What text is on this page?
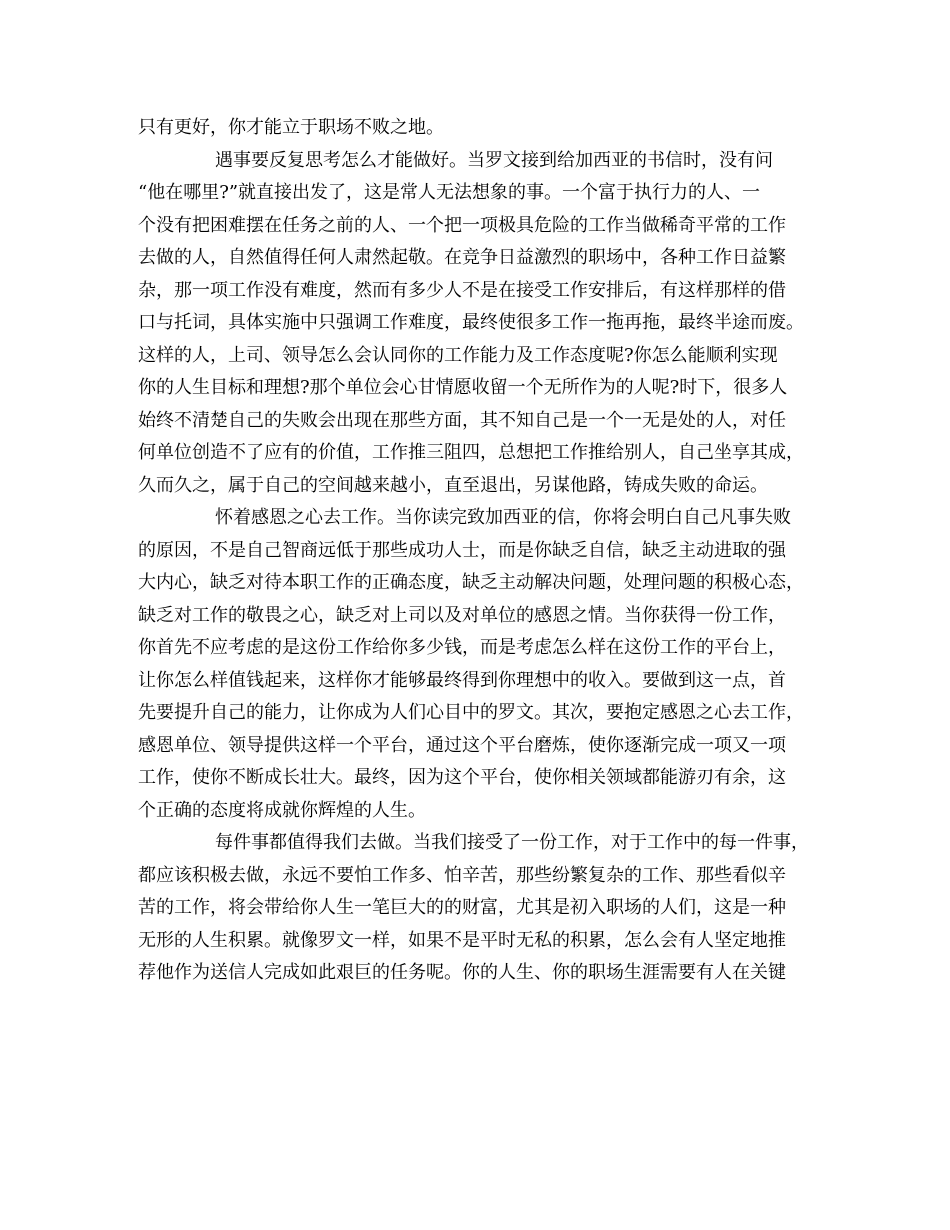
只有更好，你才能立于职场不败之地。
遇事要反复思考怎么才能做好。当罗文接到给加西亚的书信时，没有问
“他在哪里?”就直接出发了，这是常人无法想象的事。一个富于执行力的人、一
个没有把困难摆在任务之前的人、一个把一项极具危险的工作当做稀奇平常的工作
去做的人，自然值得任何人肃然起敬。在竞争日益激烈的职场中，各种工作日益繁
杂，那一项工作没有难度，然而有多少人不是在接受工作安排后，有这样那样的借
口与托词，具体实施中只强调工作难度，最终使很多工作一拖再拖，最终半途而废。
这样的人，上司、领导怎么会认同你的工作能力及工作态度呢?你怎么能顺利实现
你的人生目标和理想?那个单位会心甘情愿收留一个无所作为的人呢?时下，很多人
始终不清楚自己的失败会出现在那些方面，其不知自己是一个一无是处的人，对任
何单位创造不了应有的价值，工作推三阻四，总想把工作推给别人，自己坐享其成，
久而久之，属于自己的空间越来越小，直至退出，另谋他路，铸成失败的命运。
怀着感恩之心去工作。当你读完致加西亚的信，你将会明白自己凡事失败
的原因，不是自己智商远低于那些成功人士，而是你缺乏自信，缺乏主动进取的强
大内心，缺乏对待本职工作的正确态度，缺乏主动解决问题，处理问题的积极心态，
缺乏对工作的敬畏之心，缺乏对上司以及对单位的感恩之情。当你获得一份工作，
你首先不应考虑的是这份工作给你多少钱，而是考虑怎么样在这份工作的平台上，
让你怎么样值钱起来，这样你才能够最终得到你理想中的收入。要做到这一点，首
先要提升自己的能力，让你成为人们心目中的罗文。其次，要抱定感恩之心去工作，
感恩单位、领导提供这样一个平台，通过这个平台磨炼，使你逐渐完成一项又一项
工作，使你不断成长壮大。最终，因为这个平台，使你相关领域都能游刃有余，这
个正确的态度将成就你辉煌的人生。
每件事都值得我们去做。当我们接受了一份工作，对于工作中的每一件事，
都应该积极去做，永远不要怕工作多、怕辛苦，那些纷繁复杂的工作、那些看似辛
苦的工作，将会带给你人生一笔巨大的的财富，尤其是初入职场的人们，这是一种
无形的人生积累。就像罗文一样，如果不是平时无私的积累，怎么会有人坚定地推
荐他作为送信人完成如此艰巨的任务呢。你的人生、你的职场生涯需要有人在关键
